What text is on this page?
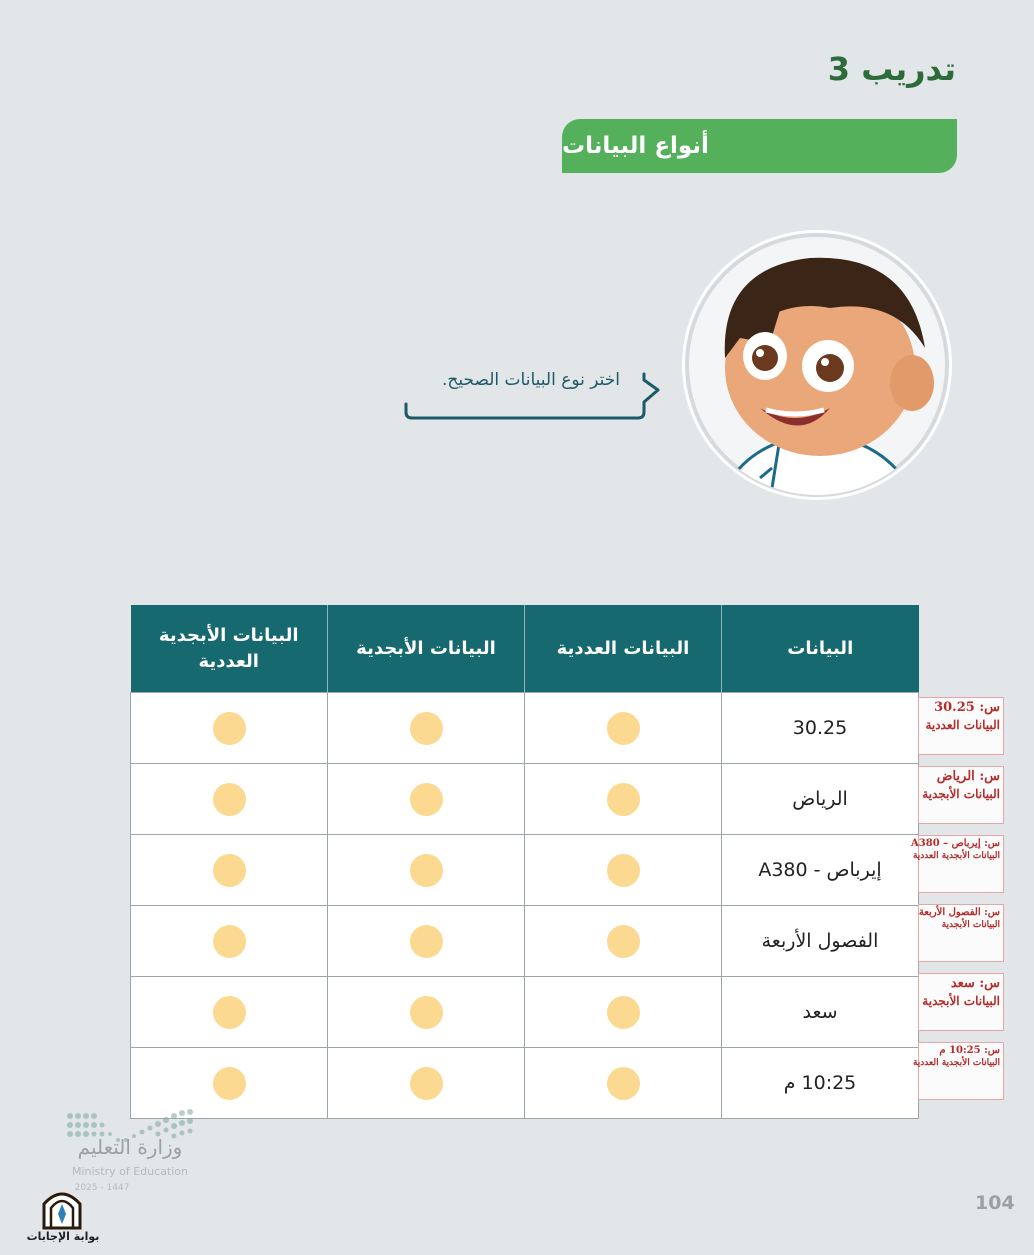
تدريب 3
أنواع البيانات
اختر نوع البيانات الصحيح.
البيانات	البيانات العددية	البيانات الأبجدية	البيانات الأبجدية العددية
30.25			
الرياض			
إيرباص - A380			
الفصول الأربعة			
سعد			
10:25 م			
س: 30.25
البيانات العددية
س: الرياض
البيانات الأبجدية
س: إيرباص – A380
البيانات الأبجدية العددية
س: الفصول الأربعة
البيانات الأبجدية
س: سعد
البيانات الأبجدية
س: 10:25 م
البيانات الأبجدية العددية
وزارة التعليم
Ministry of Education
2025 - 1447
بوابة الإجابات
104
